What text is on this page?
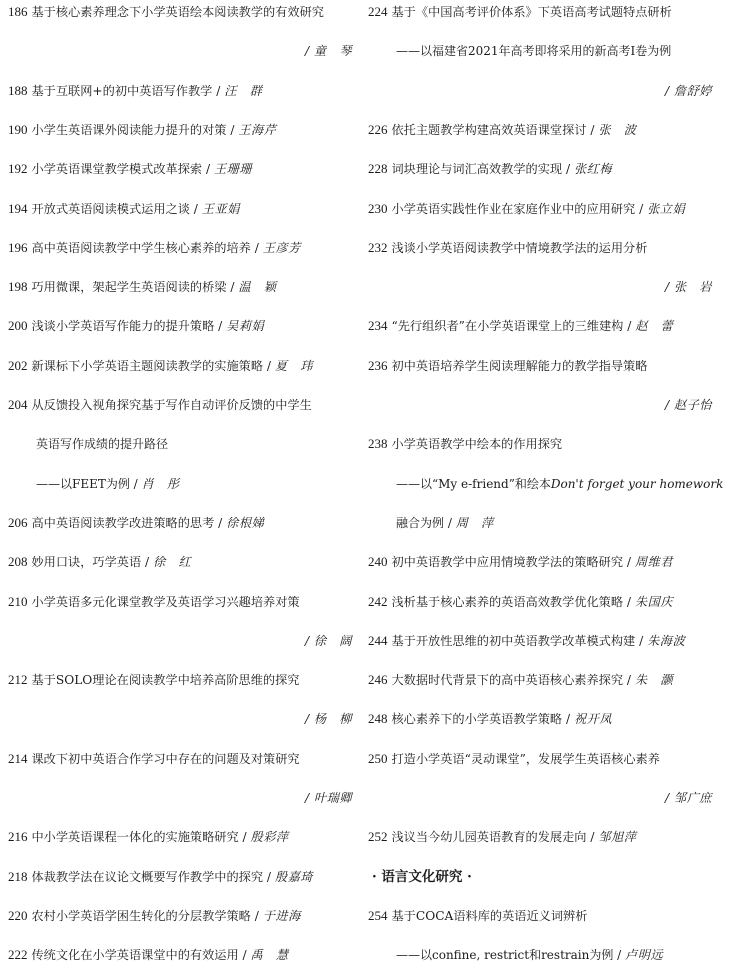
186 基于核心素养理念下小学英语绘本阅读教学的有效研究
/ 童　琴
188 基于互联网+的初中英语写作教学 / 汪　群
190 小学生英语课外阅读能力提升的对策 / 王海芹
192 小学英语课堂教学模式改革探索 / 王珊珊
194 开放式英语阅读模式运用之谈 / 王亚娟
196 高中英语阅读教学中学生核心素养的培养 / 王彦芳
198 巧用微课，架起学生英语阅读的桥梁 / 温　颖
200 浅谈小学英语写作能力的提升策略 / 吴莉娟
202 新课标下小学英语主题阅读教学的实施策略 / 夏　玮
204 从反馈投入视角探究基于写作自动评价反馈的中学生
英语写作成绩的提升路径
——以FEET为例 / 肖　彤
206 高中英语阅读教学改进策略的思考 / 徐根娣
208 妙用口诀，巧学英语 / 徐　红
210 小学英语多元化课堂教学及英语学习兴趣培养对策
/ 徐　阔
212 基于SOLO理论在阅读教学中培养高阶思维的探究
/ 杨　柳
214 课改下初中英语合作学习中存在的问题及对策研究
/ 叶瑞卿
216 中小学英语课程一体化的实施策略研究 / 殷彩萍
218 体裁教学法在议论文概要写作教学中的探究 / 殷嘉琦
220 农村小学英语学困生转化的分层教学策略 / 于进海
222 传统文化在小学英语课堂中的有效运用 / 禹　慧
224 基于《中国高考评价体系》下英语高考试题特点研析
——以福建省2021年高考即将采用的新高考I卷为例
/ 詹舒婷
226 依托主题教学构建高效英语课堂探讨 / 张　波
228 词块理论与词汇高效教学的实现 / 张红梅
230 小学英语实践性作业在家庭作业中的应用研究 / 张立娟
232 浅谈小学英语阅读教学中情境教学法的运用分析
/ 张　岩
234 “先行组织者”在小学英语课堂上的三维建构 / 赵　蕾
236 初中英语培养学生阅读理解能力的教学指导策略
/ 赵子怡
238 小学英语教学中绘本的作用探究
——以“My e-friend”和绘本Don't forget your homework
融合为例 / 周　萍
240 初中英语教学中应用情境教学法的策略研究 / 周维君
242 浅析基于核心素养的英语高效教学优化策略 / 朱国庆
244 基于开放性思维的初中英语教学改革模式构建 / 朱海波
246 大数据时代背景下的高中英语核心素养探究 / 朱　灏
248 核心素养下的小学英语教学策略 / 祝开凤
250 打造小学英语“灵动课堂”，发展学生英语核心素养
/ 邹广庶
252 浅议当今幼儿园英语教育的发展走向 / 邹旭萍
· 语言文化研究 ·
254 基于COCA语料库的英语近义词辨析
——以confine, restrict和restrain为例 / 卢明远
